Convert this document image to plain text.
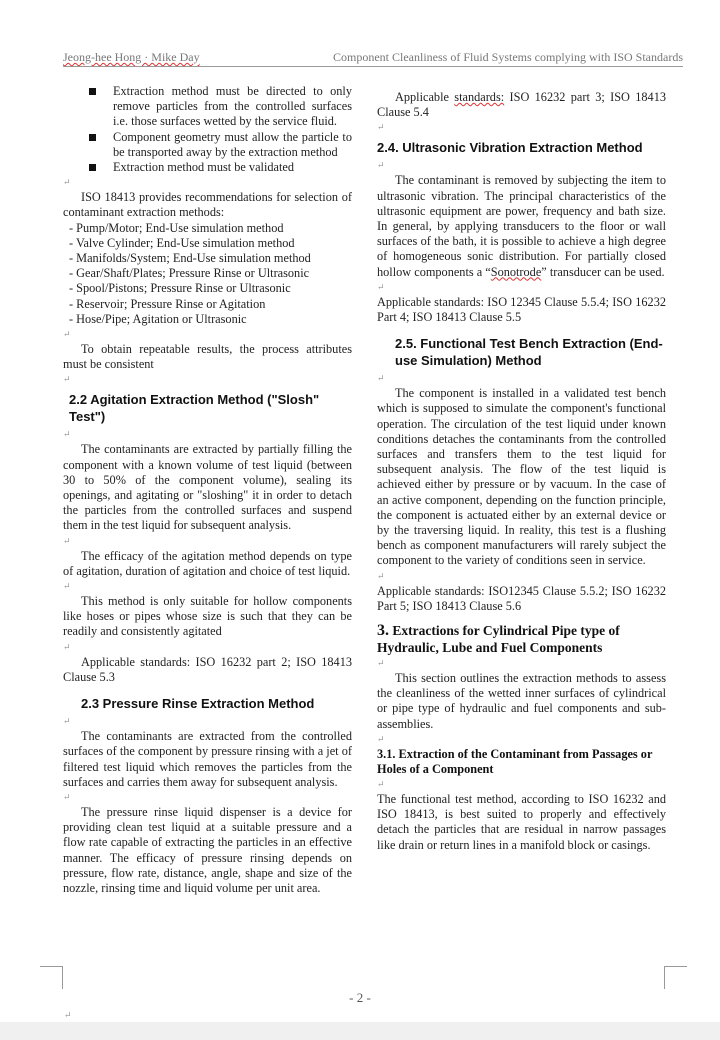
Jeong-hee Hong · Mike Day	Component Cleanliness of Fluid Systems complying with ISO Standards
Extraction method must be directed to only remove particles from the controlled surfaces i.e. those surfaces wetted by the service fluid.
Component geometry must allow the particle to be transported away by the extraction method
Extraction method must be validated
↵

ISO 18413 provides recommendations for selection of contaminant extraction methods:

- Pump/Motor; End-Use simulation method
- Valve Cylinder; End-Use simulation method
- Manifolds/System; End-Use simulation method
- Gear/Shaft/Plates; Pressure Rinse or Ultrasonic
- Spool/Pistons; Pressure Rinse or Ultrasonic
- Reservoir; Pressure Rinse or Agitation
- Hose/Pipe; Agitation or Ultrasonic
↵

To obtain repeatable results, the process attributes must be consistent

↵
2.2 Agitation Extraction Method ("Slosh" Test")
↵

The contaminants are extracted by partially filling the component with a known volume of test liquid (between 30 to 50% of the component volume), sealing its openings, and agitating or "sloshing" it in order to detach the particles from the controlled surfaces and suspend them in the test liquid for subsequent analysis.

↵

The efficacy of the agitation method depends on type of agitation, duration of agitation and choice of test liquid.

↵

This method is only suitable for hollow components like hoses or pipes whose size is such that they can be readily and consistently agitated

↵

Applicable standards: ISO 16232 part 2; ISO 18413 Clause 5.3

2.3 Pressure Rinse Extraction Method
↵

The contaminants are extracted from the controlled surfaces of the component by pressure rinsing with a jet of filtered test liquid which removes the particles from the surfaces and carries them away for subsequent analysis.

↵

The pressure rinse liquid dispenser is a device for providing clean test liquid at a suitable pressure and a flow rate capable of extracting the particles in an effective manner. The efficacy of pressure rinsing depends on pressure, flow rate, distance, angle, shape and size of the nozzle, rinsing time and liquid volume per unit area.

Applicable standards: ISO 16232 part 3; ISO 18413 Clause 5.4

↵
2.4. Ultrasonic Vibration Extraction Method
↵

The contaminant is removed by subjecting the item to ultrasonic vibration. The principal characteristics of the ultrasonic equipment are power, frequency and bath size. In general, by applying transducers to the floor or wall surfaces of the bath, it is possible to achieve a high degree of homogeneous sonic distribution. For partially closed hollow components a “Sonotrode” transducer can be used.

↵

Applicable standards: ISO 12345 Clause 5.5.4; ISO 16232 Part 4; ISO 18413 Clause 5.5

2.5. Functional Test Bench Extraction (End- use Simulation) Method
↵

The component is installed in a validated test bench which is supposed to simulate the component's functional operation. The circulation of the test liquid under known conditions detaches the contaminants from the controlled surfaces and transfers them to the test liquid for subsequent analysis. The flow of the test liquid is achieved either by pressure or by vacuum. In the case of an active component, depending on the function principle, the component is actuated either by an external device or by the traversing liquid. In reality, this test is a flushing bench as component manufacturers will rarely subject the component to the variety of conditions seen in service.

↵

Applicable standards: ISO12345 Clause 5.5.2; ISO 16232 Part 5; ISO 18413 Clause 5.6

3. Extractions for Cylindrical Pipe type of Hydraulic, Lube and Fuel Components
↵

This section outlines the extraction methods to assess the cleanliness of the wetted inner surfaces of cylindrical or pipe type of hydraulic and fuel components and sub-assemblies.

↵
3.1. Extraction of the Contaminant from Passages or Holes of a Component
↵

The functional test method, according to ISO 16232 and ISO 18413, is best suited to properly and effectively detach the particles that are residual in narrow passages like drain or return lines in a manifold block or casings.

- 2 -
↵
